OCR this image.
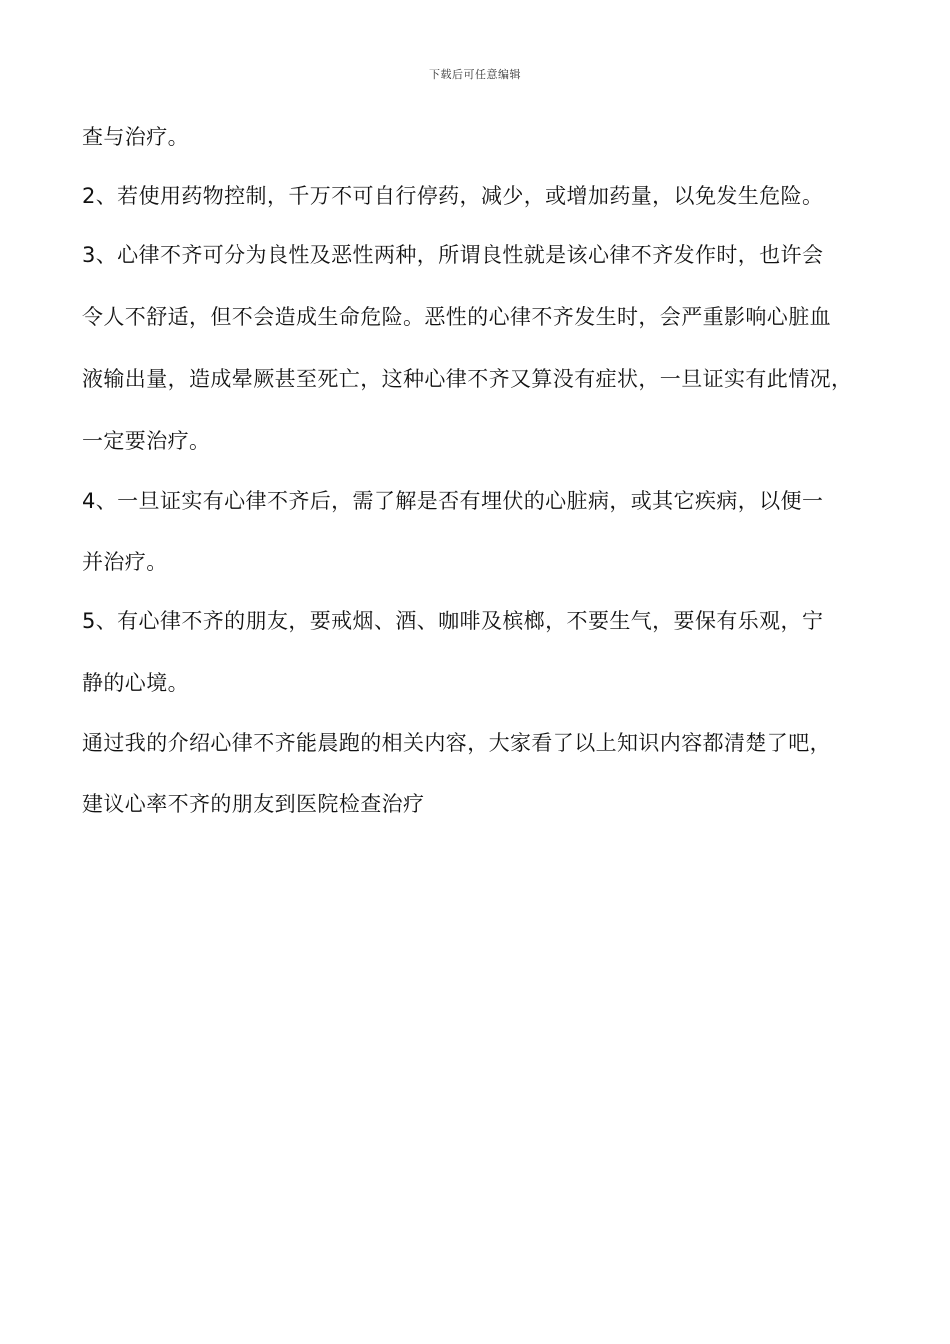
下载后可任意编辑
查与治疗。
2、若使用药物控制，千万不可自行停药，减少，或增加药量，以免发生危险。
3、心律不齐可分为良性及恶性两种，所谓良性就是该心律不齐发作时，也许会
令人不舒适，但不会造成生命危险。恶性的心律不齐发生时，会严重影响心脏血
液输出量，造成晕厥甚至死亡，这种心律不齐又算没有症状，一旦证实有此情况，
一定要治疗。
4、一旦证实有心律不齐后，需了解是否有埋伏的心脏病，或其它疾病，以便一
并治疗。
5、有心律不齐的朋友，要戒烟、酒、咖啡及槟榔，不要生气，要保有乐观，宁
静的心境。
通过我的介绍心律不齐能晨跑的相关内容，大家看了以上知识内容都清楚了吧，
建议心率不齐的朋友到医院检查治疗
